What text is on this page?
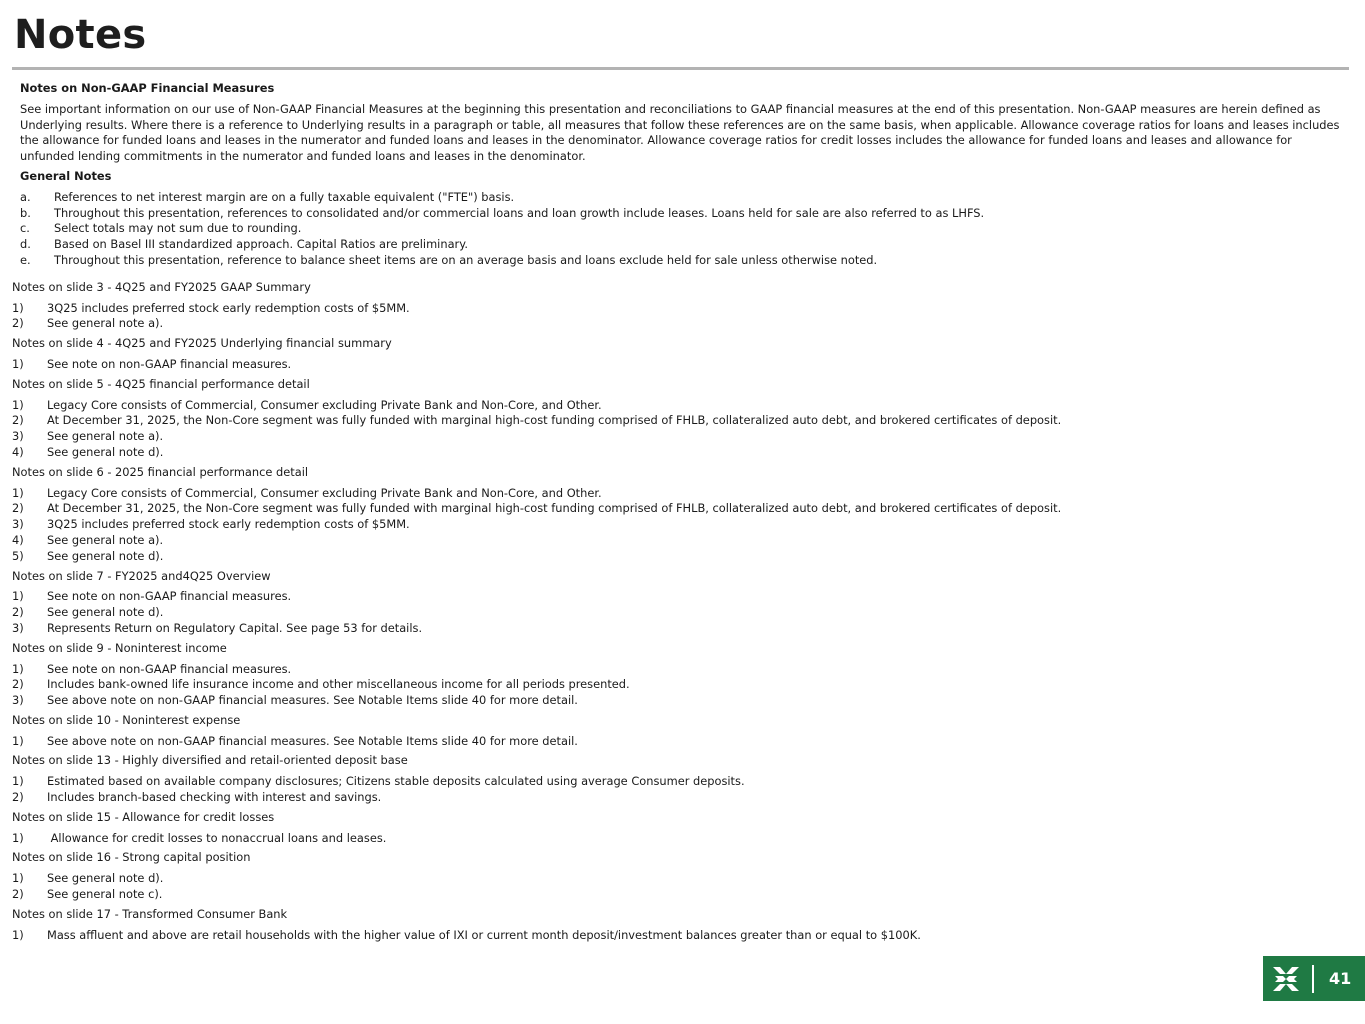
Notes
Notes on Non-GAAP Financial Measures

See important information on our use of Non-GAAP Financial Measures at the beginning this presentation and reconciliations to GAAP financial measures at the end of this presentation. Non-GAAP measures are herein defined as Underlying results. Where there is a reference to Underlying results in a paragraph or table, all measures that follow these references are on the same basis, when applicable. Allowance coverage ratios for loans and leases includes the allowance for funded loans and leases in the numerator and funded loans and leases in the denominator. Allowance coverage ratios for credit losses includes the allowance for funded loans and leases and allowance for unfunded lending commitments in the numerator and funded loans and leases in the denominator.

General Notes
a.	References to net interest margin are on a fully taxable equivalent ("FTE") basis.
b.	Throughout this presentation, references to consolidated and/or commercial loans and loan growth include leases. Loans held for sale are also referred to as LHFS.
c.	Select totals may not sum due to rounding.
d.	Based on Basel III standardized approach. Capital Ratios are preliminary.
e.	Throughout this presentation, reference to balance sheet items are on an average basis and loans exclude held for sale unless otherwise noted.
Notes on slide 3 - 4Q25 and FY2025 GAAP Summary
1)	3Q25 includes preferred stock early redemption costs of $5MM.
2)	See general note a).
Notes on slide 4 - 4Q25 and FY2025 Underlying financial summary
1)	See note on non-GAAP financial measures.
Notes on slide 5 - 4Q25 financial performance detail
1)	Legacy Core consists of Commercial, Consumer excluding Private Bank and Non-Core, and Other.
2)	At December 31, 2025, the Non-Core segment was fully funded with marginal high-cost funding comprised of FHLB, collateralized auto debt, and brokered certificates of deposit.
3)	See general note a).
4)	See general note d).
Notes on slide 6 - 2025 financial performance detail
1)	Legacy Core consists of Commercial, Consumer excluding Private Bank and Non-Core, and Other.
2)	At December 31, 2025, the Non-Core segment was fully funded with marginal high-cost funding comprised of FHLB, collateralized auto debt, and brokered certificates of deposit.
3)	3Q25 includes preferred stock early redemption costs of $5MM.
4)	See general note a).
5)	See general note d).
Notes on slide 7 - FY2025 and4Q25 Overview
1)	See note on non-GAAP financial measures.
2)	See general note d).
3)	Represents Return on Regulatory Capital. See page 53 for details.
Notes on slide 9 - Noninterest income
1)	See note on non-GAAP financial measures.
2)	Includes bank-owned life insurance income and other miscellaneous income for all periods presented.
3)	See above note on non-GAAP financial measures. See Notable Items slide 40 for more detail.
Notes on slide 10 - Noninterest expense
1)	See above note on non-GAAP financial measures. See Notable Items slide 40 for more detail.
Notes on slide 13 - Highly diversified and retail-oriented deposit base
1)	Estimated based on available company disclosures; Citizens stable deposits calculated using average Consumer deposits.
2)	Includes branch-based checking with interest and savings.
Notes on slide 15 - Allowance for credit losses
1)	Allowance for credit losses to nonaccrual loans and leases.
Notes on slide 16 - Strong capital position
1)	See general note d).
2)	See general note c).
Notes on slide 17 - Transformed Consumer Bank
1)	Mass affluent and above are retail households with the higher value of IXI or current month deposit/investment balances greater than or equal to $100K.
41
